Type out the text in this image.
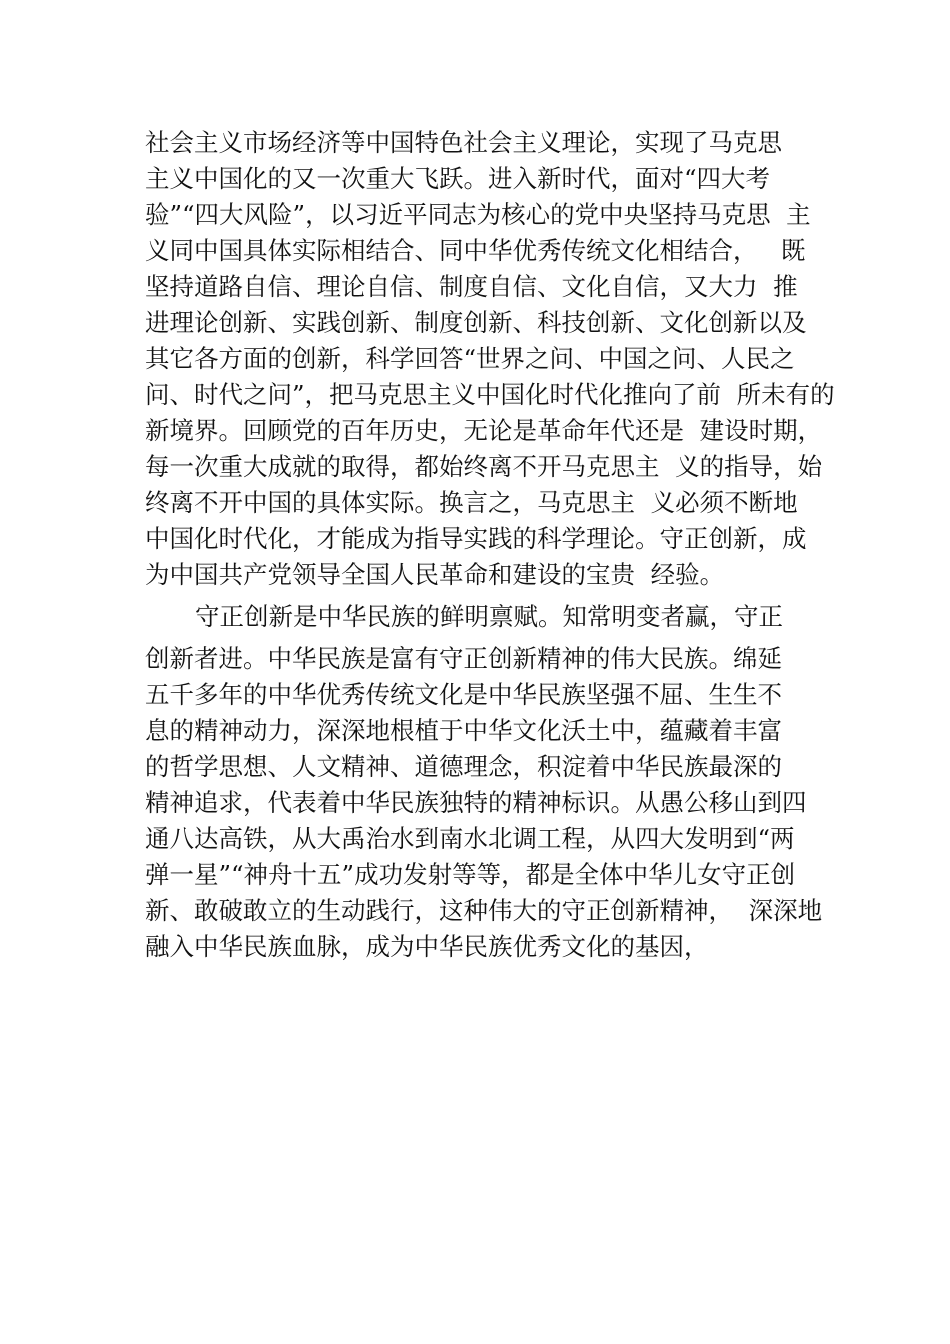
社会主义市场经济等中国特色社会主义理论，实现了马克思
主义中国化的又一次重大飞跃。进入新时代，面对“四大考
验”“四大风险”，以习近平同志为核心的党中央坚持马克思  主
义同中国具体实际相结合、同中华优秀传统文化相结合，   既
坚持道路自信、理论自信、制度自信、文化自信，又大力  推
进理论创新、实践创新、制度创新、科技创新、文化创新以及
其它各方面的创新，科学回答“世界之问、中国之问、人民之
问、时代之问”，把马克思主义中国化时代化推向了前  所未有的
新境界。回顾党的百年历史，无论是革命年代还是  建设时期，
每一次重大成就的取得，都始终离不开马克思主  义的指导，始
终离不开中国的具体实际。换言之，马克思主  义必须不断地
中国化时代化，才能成为指导实践的科学理论。守正创新，成
为中国共产党领导全国人民革命和建设的宝贵  经验。
守正创新是中华民族的鲜明禀赋。知常明变者赢，守正
创新者进。中华民族是富有守正创新精神的伟大民族。绵延
五千多年的中华优秀传统文化是中华民族坚强不屈、生生不
息的精神动力，深深地根植于中华文化沃土中，蕴藏着丰富
的哲学思想、人文精神、道德理念，积淀着中华民族最深的
精神追求，代表着中华民族独特的精神标识。从愚公移山到四
通八达高铁，从大禹治水到南水北调工程，从四大发明到“两
弹一星”“神舟十五”成功发射等等，都是全体中华儿女守正创
新、敢破敢立的生动践行，这种伟大的守正创新精神，  深深地
融入中华民族血脉，成为中华民族优秀文化的基因，
